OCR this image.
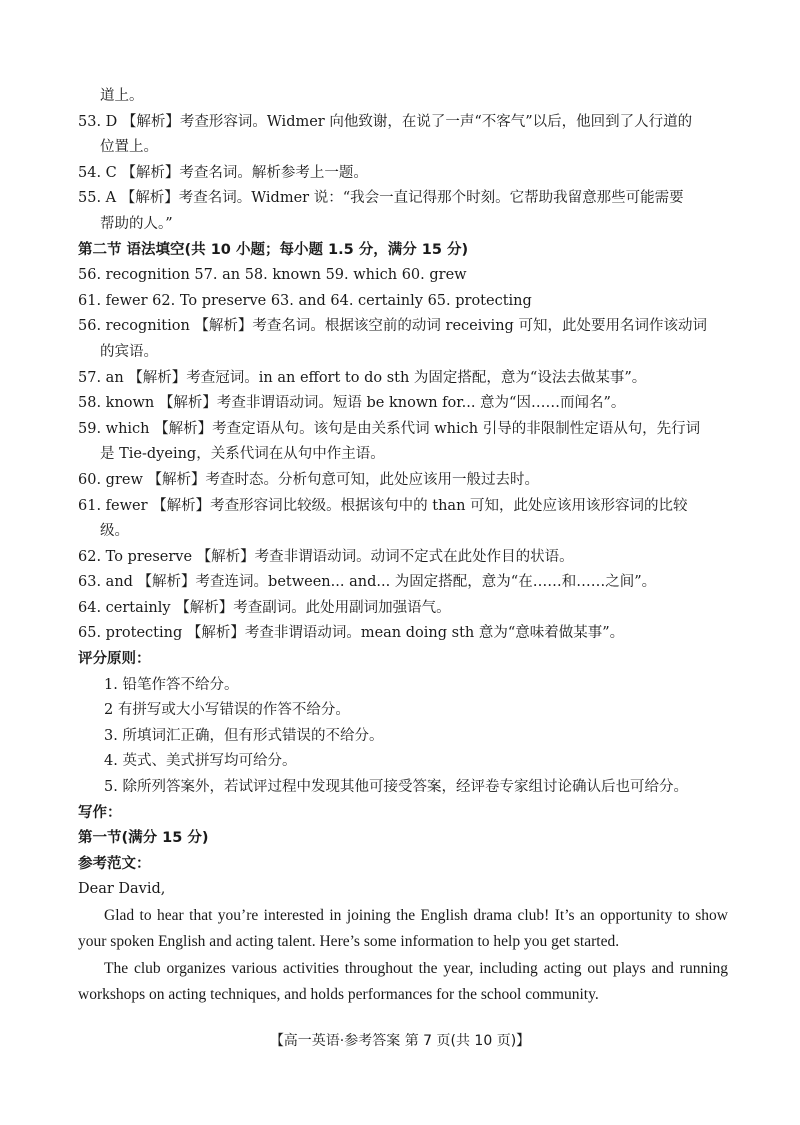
道上。
53. D 【解析】考查形容词。Widmer 向他致谢，在说了一声“不客气”以后，他回到了人行道的
位置上。
54. C 【解析】考查名词。解析参考上一题。
55. A 【解析】考查名词。Widmer 说：“我会一直记得那个时刻。它帮助我留意那些可能需要
帮助的人。”
第二节 语法填空(共 10 小题；每小题 1.5 分，满分 15 分)
56. recognition 57. an 58. known 59. which 60. grew
61. fewer 62. To preserve 63. and 64. certainly 65. protecting
56. recognition 【解析】考查名词。根据该空前的动词 receiving 可知，此处要用名词作该动词
的宾语。
57. an 【解析】考查冠词。in an effort to do sth 为固定搭配，意为“设法去做某事”。
58. known 【解析】考查非谓语动词。短语 be known for... 意为“因……而闻名”。
59. which 【解析】考查定语从句。该句是由关系代词 which 引导的非限制性定语从句，先行词
是 Tie-dyeing，关系代词在从句中作主语。
60. grew 【解析】考查时态。分析句意可知，此处应该用一般过去时。
61. fewer 【解析】考查形容词比较级。根据该句中的 than 可知，此处应该用该形容词的比较
级。
62. To preserve 【解析】考查非谓语动词。动词不定式在此处作目的状语。
63. and 【解析】考查连词。between... and... 为固定搭配，意为“在……和……之间”。
64. certainly 【解析】考查副词。此处用副词加强语气。
65. protecting 【解析】考查非谓语动词。mean doing sth 意为“意味着做某事”。
评分原则：
1. 铅笔作答不给分。
2 有拼写或大小写错误的作答不给分。
3. 所填词汇正确，但有形式错误的不给分。
4. 英式、美式拼写均可给分。
5. 除所列答案外，若试评过程中发现其他可接受答案，经评卷专家组讨论确认后也可给分。
写作：
第一节(满分 15 分)
参考范文：
Dear David,
Glad to hear that you’re interested in joining the English drama club! It’s an opportunity to show your spoken English and acting talent. Here’s some information to help you get started.
The club organizes various activities throughout the year, including acting out plays and running workshops on acting techniques, and holds performances for the school community.
【高一英语·参考答案 第 7 页(共 10 页)】
